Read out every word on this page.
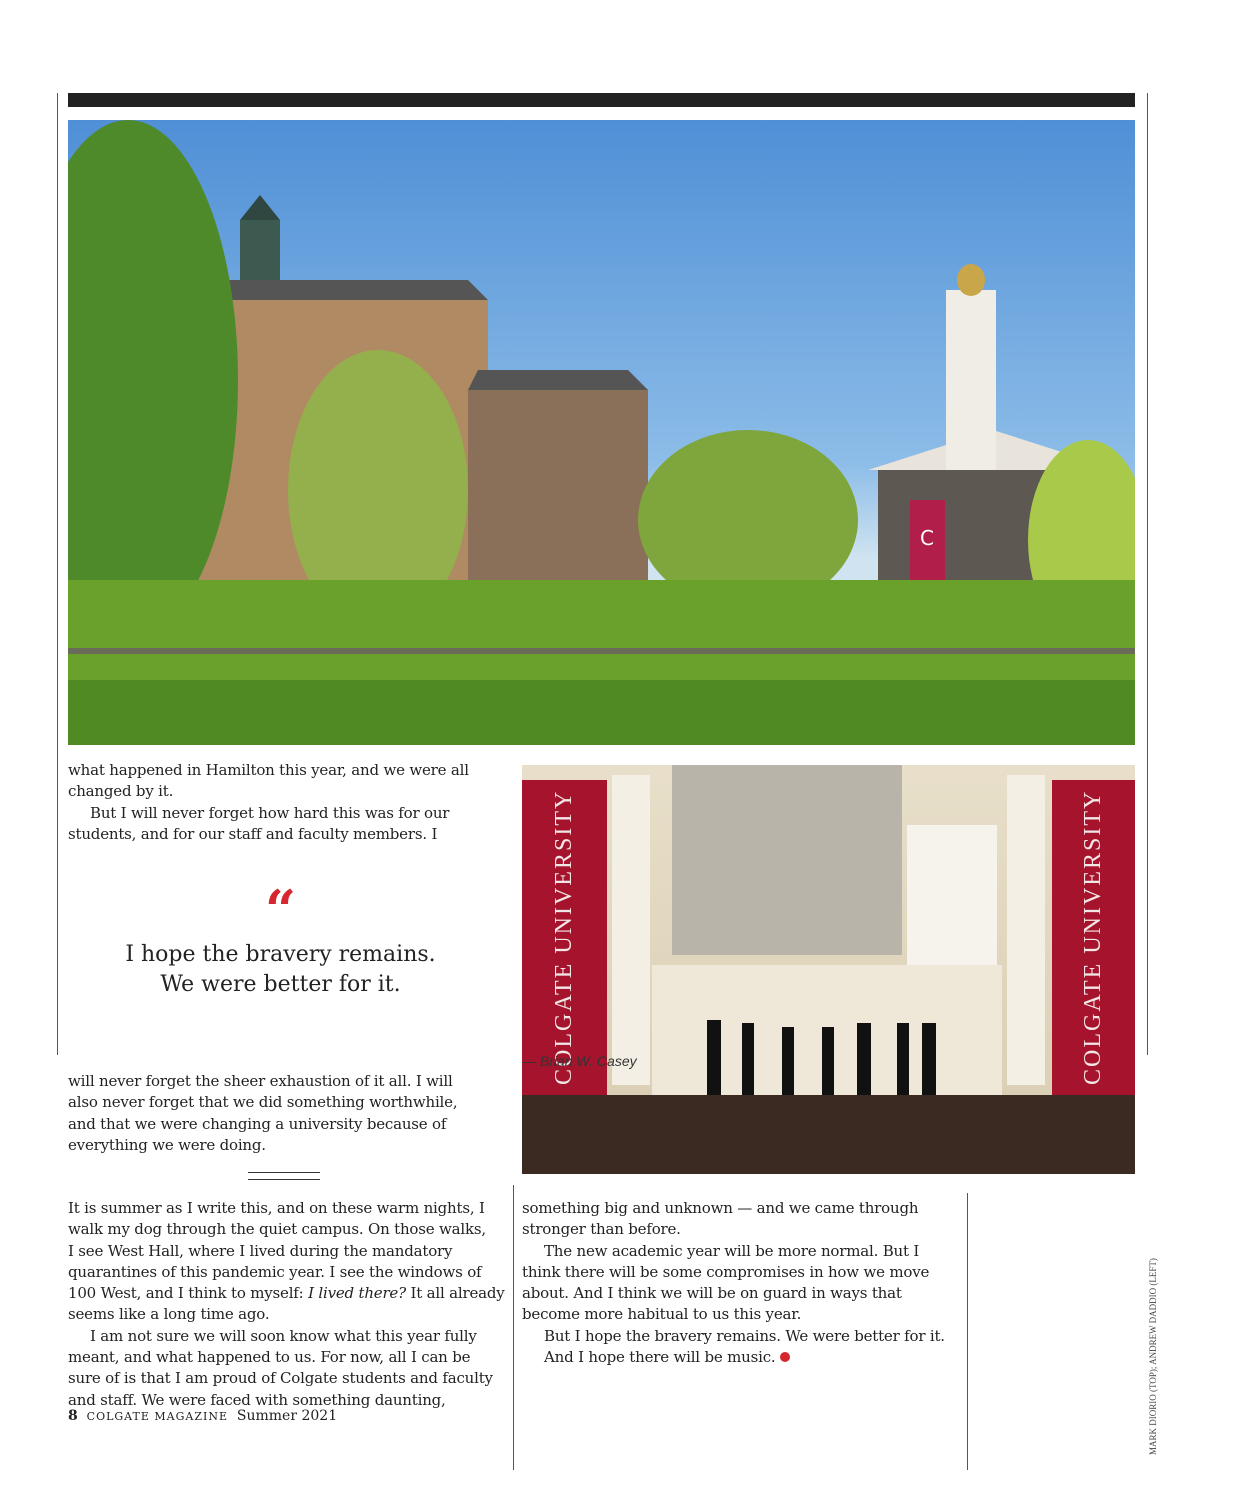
C
COLGATE UNIVERSITY	COLGATE UNIVERSITY
what happened in Hamilton this year, and we were all
changed by it.
But I will never forget how hard this was for our
students, and for our staff and faculty members. I
“
I hope the bravery remains.
We were better for it.
will never forget the sheer exhaustion of it all. I will
also never forget that we did something worthwhile,
and that we were changing a university because of
everything we were doing.
It is summer as I write this, and on these warm nights, I
walk my dog through the quiet campus. On those walks,
I see West Hall, where I lived during the mandatory
quarantines of this pandemic year. I see the windows of
100 West, and I think to myself: I lived there? It all already
seems like a long time ago.
I am not sure we will soon know what this year fully
meant, and what happened to us. For now, all I can be
sure of is that I am proud of Colgate students and faculty
and staff. We were faced with something daunting,
something big and unknown — and we came through
stronger than before.
The new academic year will be more normal. But I
think there will be some compromises in how we move
about. And I think we will be on guard in ways that
become more habitual to us this year.
But I hope the bravery remains. We were better for it.
And I hope there will be music.
— Brian W. Casey
8 COLGATE MAGAZINE Summer 2021	MARK DIORIO (TOP); ANDREW DADDIO (LEFT)
